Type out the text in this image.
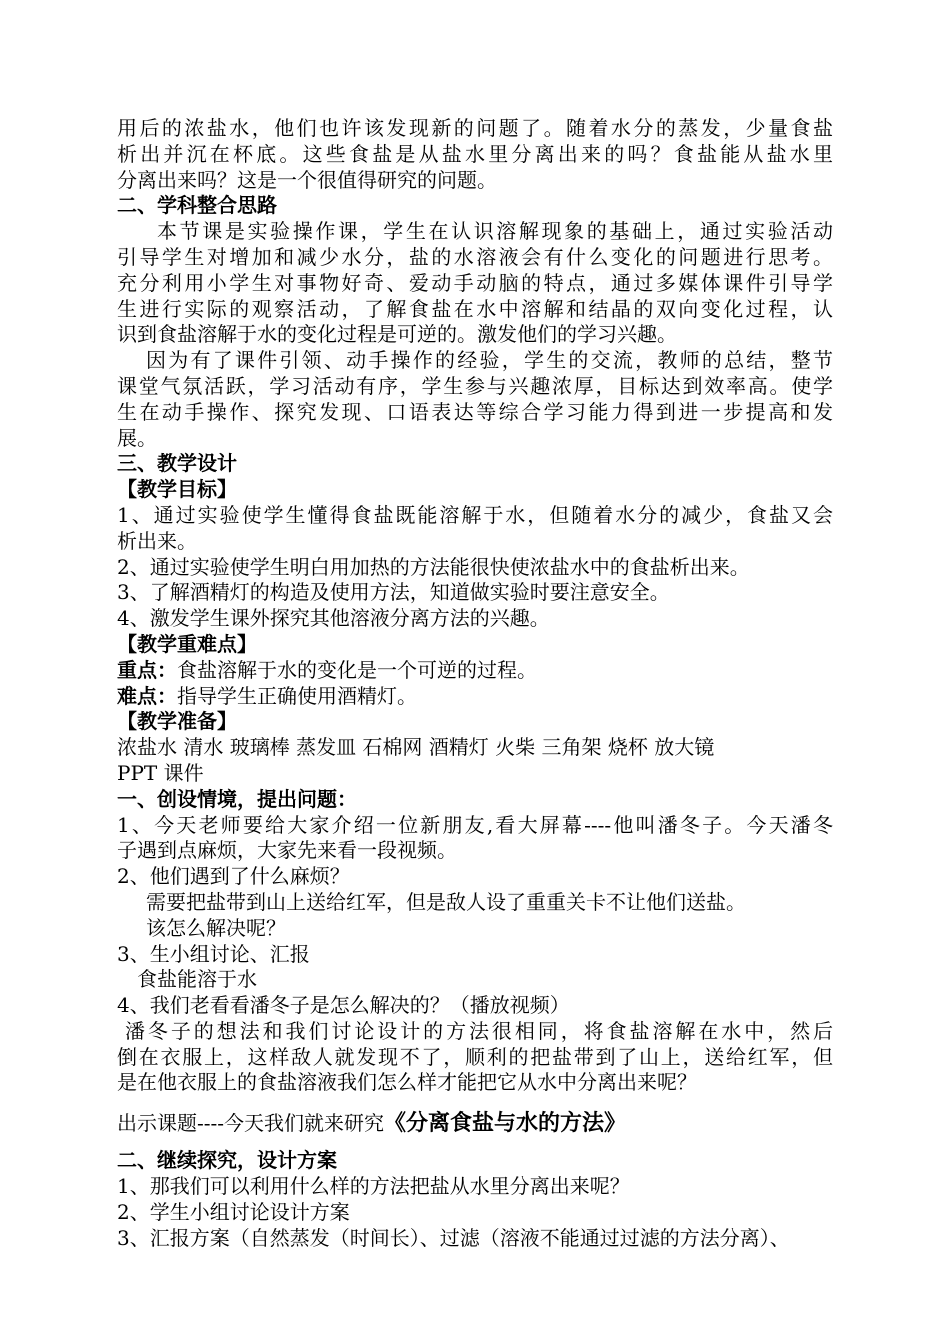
用后的浓盐水，他们也许该发现新的问题了。随着水分的蒸发，少量食盐
析出并沉在杯底。这些食盐是从盐水里分离出来的吗？食盐能从盐水里
分离出来吗？这是一个很值得研究的问题。
二、学科整合思路
本节课是实验操作课，学生在认识溶解现象的基础上，通过实验活动
引导学生对增加和减少水分，盐的水溶液会有什么变化的问题进行思考。
充分利用小学生对事物好奇、爱动手动脑的特点，通过多媒体课件引导学
生进行实际的观察活动，了解食盐在水中溶解和结晶的双向变化过程，认
识到食盐溶解于水的变化过程是可逆的。激发他们的学习兴趣。
因为有了课件引领、动手操作的经验，学生的交流，教师的总结，整节
课堂气氛活跃，学习活动有序，学生参与兴趣浓厚，目标达到效率高。使学
生在动手操作、探究发现、口语表达等综合学习能力得到进一步提高和发
展。
三、教学设计
【教学目标】
1、通过实验使学生懂得食盐既能溶解于水，但随着水分的减少，食盐又会
析出来。
2、通过实验使学生明白用加热的方法能很快使浓盐水中的食盐析出来。
3、了解酒精灯的构造及使用方法，知道做实验时要注意安全。
4、激发学生课外探究其他溶液分离方法的兴趣。
【教学重难点】
重点：食盐溶解于水的变化是一个可逆的过程。
难点：指导学生正确使用酒精灯。
【教学准备】
浓盐水 清水 玻璃棒 蒸发皿 石棉网 酒精灯 火柴 三角架 烧杯 放大镜
PPT 课件
一、创设情境，提出问题：
1、今天老师要给大家介绍一位新朋友,看大屏幕----他叫潘冬子。今天潘冬
子遇到点麻烦，大家先来看一段视频。
2、他们遇到了什么麻烦？
需要把盐带到山上送给红军，但是敌人设了重重关卡不让他们送盐。
该怎么解决呢？
3、生小组讨论、汇报
食盐能溶于水
4、我们老看看潘冬子是怎么解决的？（播放视频）
潘冬子的想法和我们讨论设计的方法很相同，将食盐溶解在水中，然后
倒在衣服上，这样敌人就发现不了，顺利的把盐带到了山上，送给红军，但
是在他衣服上的食盐溶液我们怎么样才能把它从水中分离出来呢？
出示课题----今天我们就来研究《分离食盐与水的方法》
二、继续探究，设计方案
1、那我们可以利用什么样的方法把盐从水里分离出来呢？
2、学生小组讨论设计方案
3、汇报方案（自然蒸发（时间长）、过滤（溶液不能通过过滤的方法分离）、
